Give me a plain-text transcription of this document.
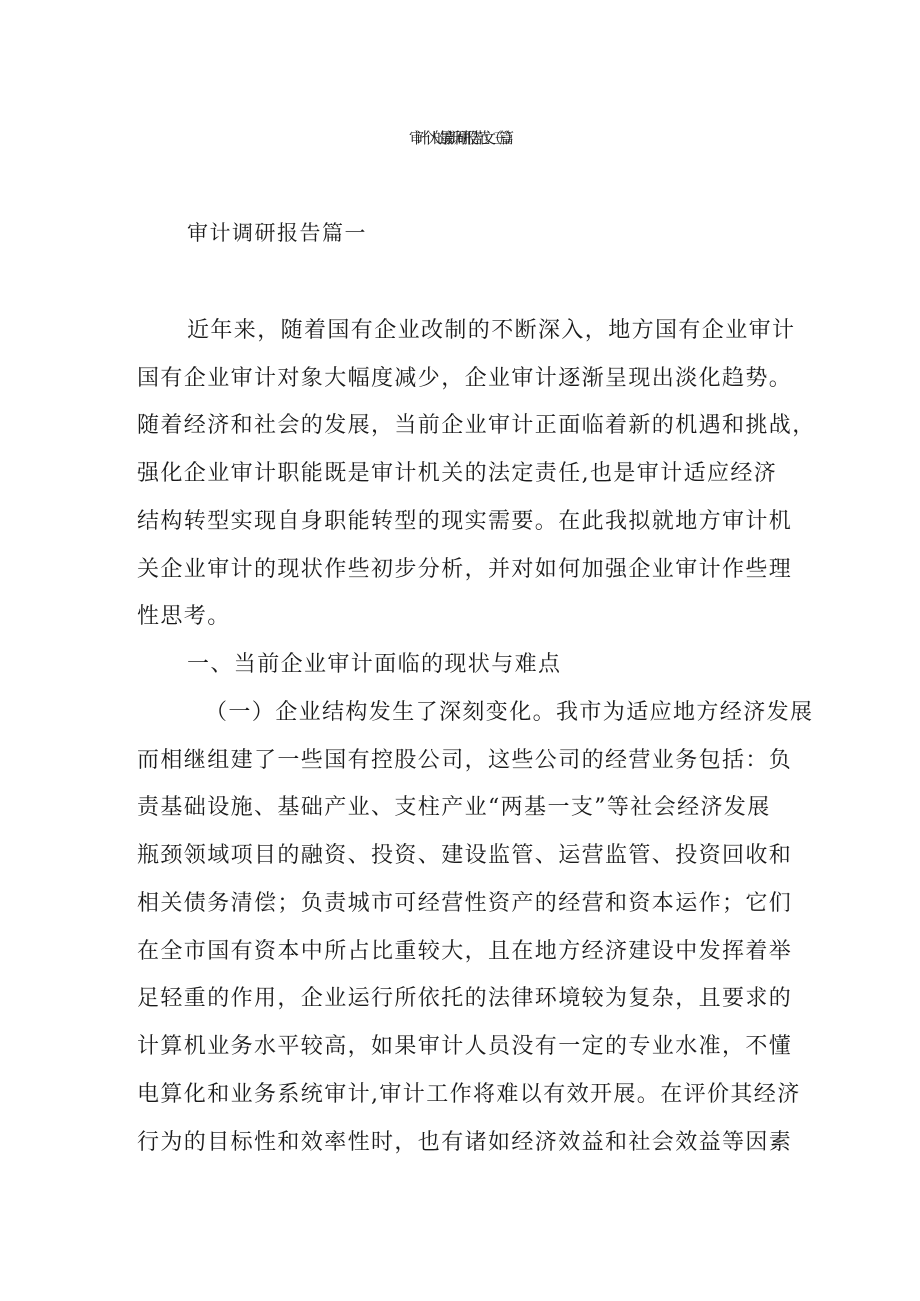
审计个人的最新调研报告范文（三篇）
审计调研报告篇一
近年来，随着国有企业改制的不断深入，地方国有企业审计
国有企业审计对象大幅度减少，企业审计逐渐呈现出淡化趋势。
随着经济和社会的发展，当前企业审计正面临着新的机遇和挑战，
强化企业审计职能既是审计机关的法定责任,也是审计适应经济
结构转型实现自身职能转型的现实需要。在此我拟就地方审计机
关企业审计的现状作些初步分析，并对如何加强企业审计作些理
性思考。
一、当前企业审计面临的现状与难点
（一）企业结构发生了深刻变化。我市为适应地方经济发展
而相继组建了一些国有控股公司，这些公司的经营业务包括：负
责基础设施、基础产业、支柱产业“两基一支”等社会经济发展
瓶颈领域项目的融资、投资、建设监管、运营监管、投资回收和
相关债务清偿；负责城市可经营性资产的经营和资本运作；它们
在全市国有资本中所占比重较大，且在地方经济建设中发挥着举
足轻重的作用，企业运行所依托的法律环境较为复杂，且要求的
计算机业务水平较高，如果审计人员没有一定的专业水准，不懂
电算化和业务系统审计,审计工作将难以有效开展。在评价其经济
行为的目标性和效率性时，也有诸如经济效益和社会效益等因素
